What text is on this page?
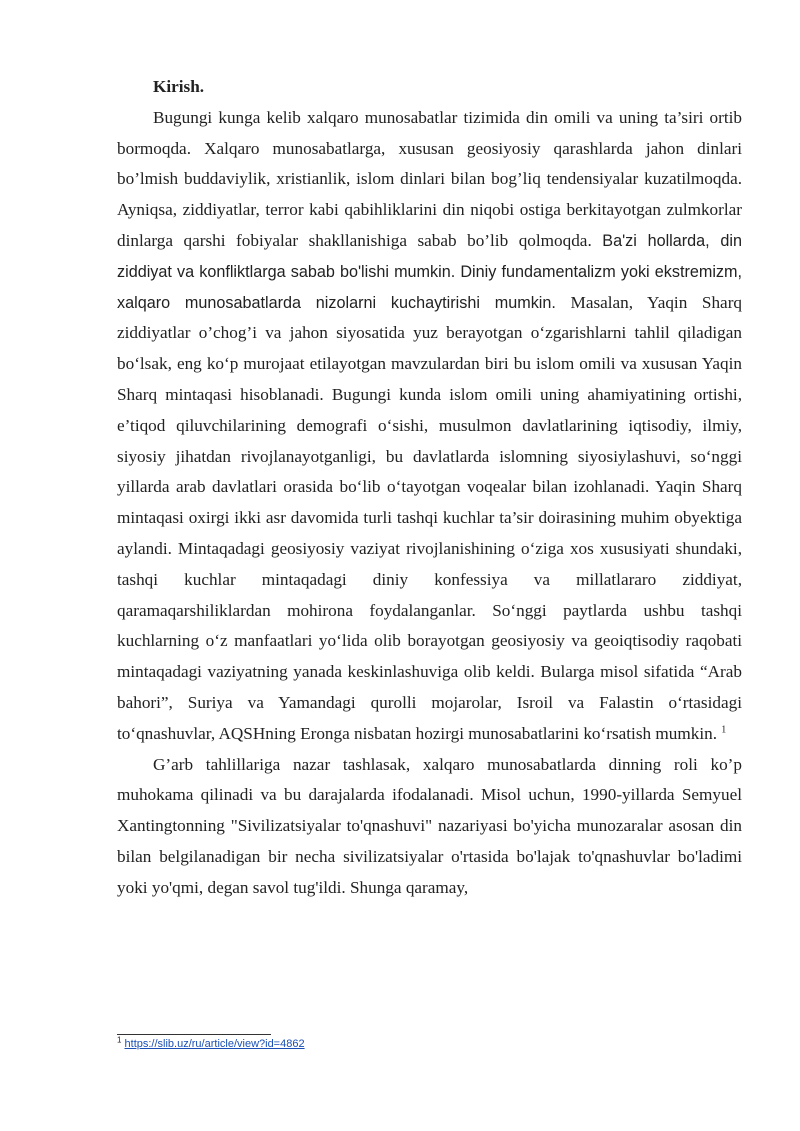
Kirish.

Bugungi kunga kelib xalqaro munosabatlar tizimida din omili va uning ta’siri ortib bormoqda. Xalqaro munosabatlarga, xususan geosiyosiy qarashlarda jahon dinlari bo’lmish buddaviylik, xristianlik, islom dinlari bilan bog’liq tendensiyalar kuzatilmoqda. Ayniqsa, ziddiyatlar, terror kabi qabihliklarini din niqobi ostiga berkitayotgan zulmkorlar dinlarga qarshi fobiyalar shakllanishiga sabab bo’lib qolmoqda. Ba'zi hollarda, din ziddiyat va konfliktlarga sabab bo'lishi mumkin. Diniy fundamentalizm yoki ekstremizm, xalqaro munosabatlarda nizolarni kuchaytirishi mumkin. Masalan, Yaqin Sharq ziddiyatlar o’chog’i va jahon siyosatida yuz berayotgan o‘zgarishlarni tahlil qiladigan bo‘lsak, eng ko‘p murojaat etilayotgan mavzulardan biri bu islom omili va xususan Yaqin Sharq mintaqasi hisoblanadi. Bugungi kunda islom omili uning ahamiyatining ortishi, e’tiqod qiluvchilarining demografi o‘sishi, musulmon davlatlarining iqtisodiy, ilmiy, siyosiy jihatdan rivojlanayotganligi, bu davlatlarda islomning siyosiylashuvi, so‘nggi yillarda arab davlatlari orasida bo‘lib o‘tayotgan voqealar bilan izohlanadi. Yaqin Sharq mintaqasi oxirgi ikki asr davomida turli tashqi kuchlar ta’sir doirasining muhim obyektiga aylandi. Mintaqadagi geosiyosiy vaziyat rivojlanishining o‘ziga xos xususiyati shundaki, tashqi kuchlar mintaqadagi diniy konfessiya va millatlararo ziddiyat, qaramaqarshiliklardan mohirona foydalanganlar. So‘nggi paytlarda ushbu tashqi kuchlarning o‘z manfaatlari yo‘lida olib borayotgan geosiyosiy va geoiqtisodiy raqobati mintaqadagi vaziyatning yanada keskinlashuviga olib keldi. Bularga misol sifatida “Arab bahori”, Suriya va Yamandagi qurolli mojarolar, Isroil va Falastin o‘rtasidagi to‘qnashuvlar, AQSHning Eronga nisbatan hozirgi munosabatlarini ko‘rsatish mumkin. $^1$

G’arb tahlillariga nazar tashlasak, xalqaro munosabatlarda dinning roli ko’p muhokama qilinadi va bu darajalarda ifodalanadi. Misol uchun, 1990-yillarda Semyuel Xantingtonning "Sivilizatsiyalar to'qnashuvi" nazariyasi bo'yicha munozaralar asosan din bilan belgilanadigan bir necha sivilizatsiyalar o'rtasida bo'lajak to'qnashuvlar bo'ladimi yoki yo'qmi, degan savol tug'ildi. Shunga qaramay,

$^1$ https://slib.uz/ru/article/view?id=4862
